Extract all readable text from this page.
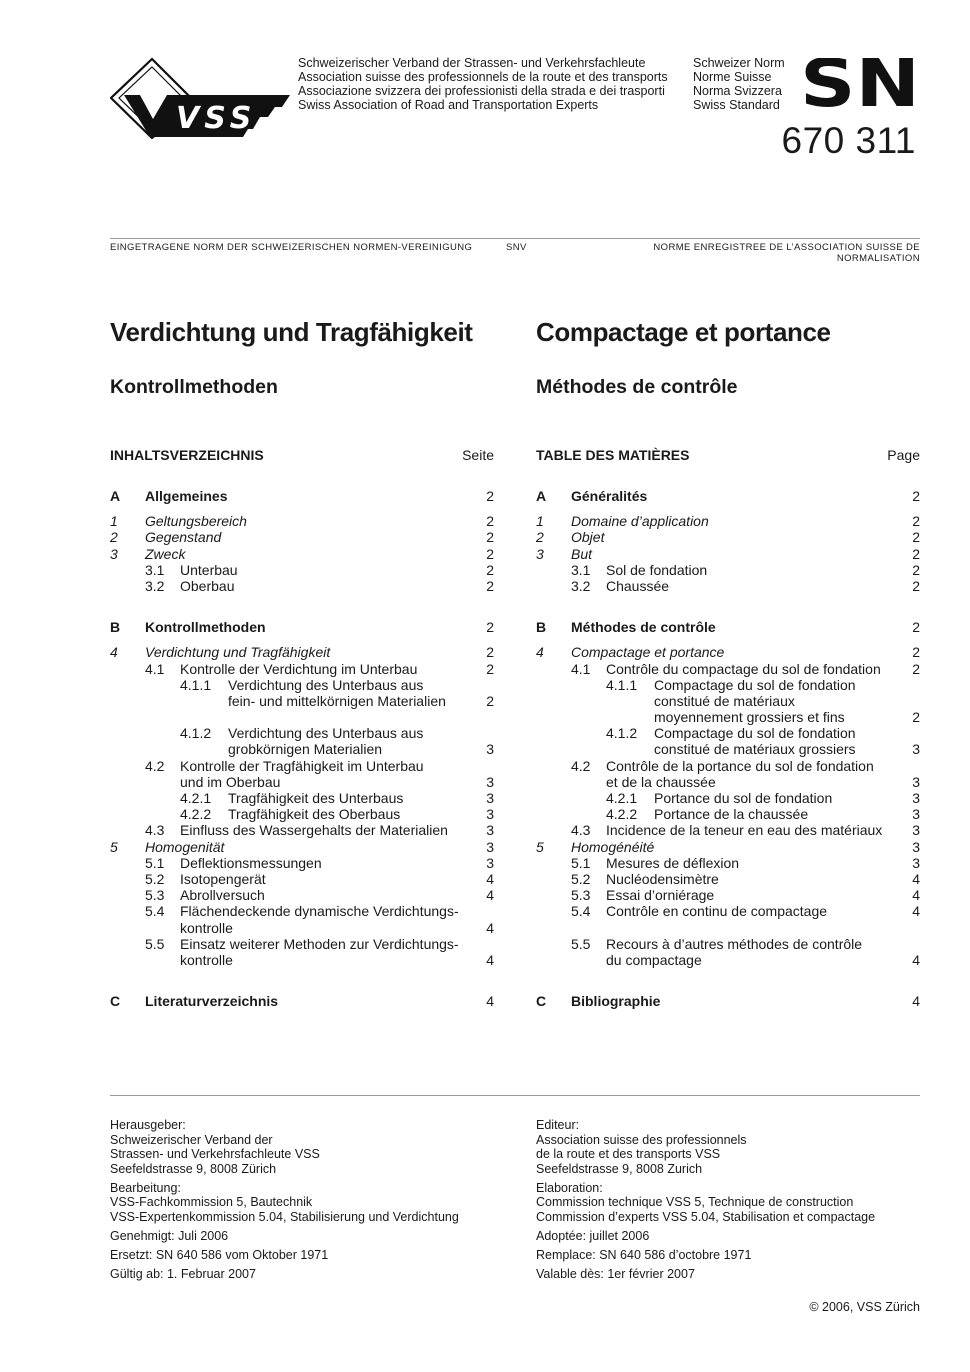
VSS
Schweizerischer Verband der Strassen- und Verkehrsfachleute
Association suisse des professionnels de la route et des transports
Associazione svizzera dei professionisti della strada e dei trasporti
Swiss Association of Road and Transportation Experts
Schweizer Norm
Norme Suisse
Norma Svizzera
Swiss Standard SN
670 311
EINGETRAGENE NORM DER SCHWEIZERISCHEN NORMEN-VEREINIGUNG	SNV	NORME ENREGISTREE DE L’ASSOCIATION SUISSE DE NORMALISATION
Verdichtung und Tragfähigkeit Compactage et portance
Kontrollmethoden	Méthodes de contrôle
INHALTSVERZEICHNIS	Seite	TABLE DES MATIÈRES	Page
A Allgemeines	2
1 Geltungsbereich	2
2 Gegenstand	2
3 Zweck	2
3.1 Unterbau	2
3.2 Oberbau	2
B Kontrollmethoden	2
4 Verdichtung und Tragfähigkeit	2
4.1 Kontrolle der Verdichtung im Unterbau	2
4.1.1 Verdichtung des Unterbaus aus
fein- und mittelkörnigen Materialien	2
4.1.2 Verdichtung des Unterbaus aus
grobkörnigen Materialien	3
4.2 Kontrolle der Tragfähigkeit im Unterbau
und im Oberbau	3
4.2.1 Tragfähigkeit des Unterbaus	3
4.2.2 Tragfähigkeit des Oberbaus	3
4.3 Einfluss des Wassergehalts der Materialien	3
5 Homogenität	3
5.1 Deflektionsmessungen	3
5.2 Isotopengerät	4
5.3 Abrollversuch	4
5.4 Flächendeckende dynamische Verdichtungs-
kontrolle	4
5.5 Einsatz weiterer Methoden zur Verdichtungs-
kontrolle	4
C Literaturverzeichnis	4
A Généralités	2
1 Domaine d’application	2
2 Objet	2
3 But	2
3.1 Sol de fondation	2
3.2 Chaussée	2
B Méthodes de contrôle	2
4 Compactage et portance	2
4.1 Contrôle du compactage du sol de fondation 2
4.1.1 Compactage du sol de fondation
constitué de matériaux
moyennement grossiers et fins	2
4.1.2 Compactage du sol de fondation
constitué de matériaux grossiers	3
4.2 Contrôle de la portance du sol de fondation
et de la chaussée	3
4.2.1 Portance du sol de fondation	3
4.2.2 Portance de la chaussée	3
4.3 Incidence de la teneur en eau des matériaux 3
5 Homogénéité	3
5.1 Mesures de déflexion	3
5.2 Nucléodensimètre	4
5.3 Essai d’orniérage	4
5.4 Contrôle en continu de compactage	4
5.5 Recours à d’autres méthodes de contrôle
du compactage	4
C Bibliographie	4
Herausgeber:
Schweizerischer Verband der
Strassen- und Verkehrsfachleute VSS
Seefeldstrasse 9, 8008 Zürich
Bearbeitung:
VSS-Fachkommission 5, Bautechnik
VSS-Expertenkommission 5.04, Stabilisierung und Verdichtung
Genehmigt: Juli 2006
Ersetzt: SN 640 586 vom Oktober 1971
Gültig ab: 1. Februar 2007
Editeur:
Association suisse des professionnels
de la route et des transports VSS
Seefeldstrasse 9, 8008 Zurich
Elaboration:
Commission technique VSS 5, Technique de construction
Commission d’experts VSS 5.04, Stabilisation et compactage
Adoptée: juillet 2006
Remplace: SN 640 586 d’octobre 1971
Valable dès: 1er février 2007
© 2006, VSS Zürich
